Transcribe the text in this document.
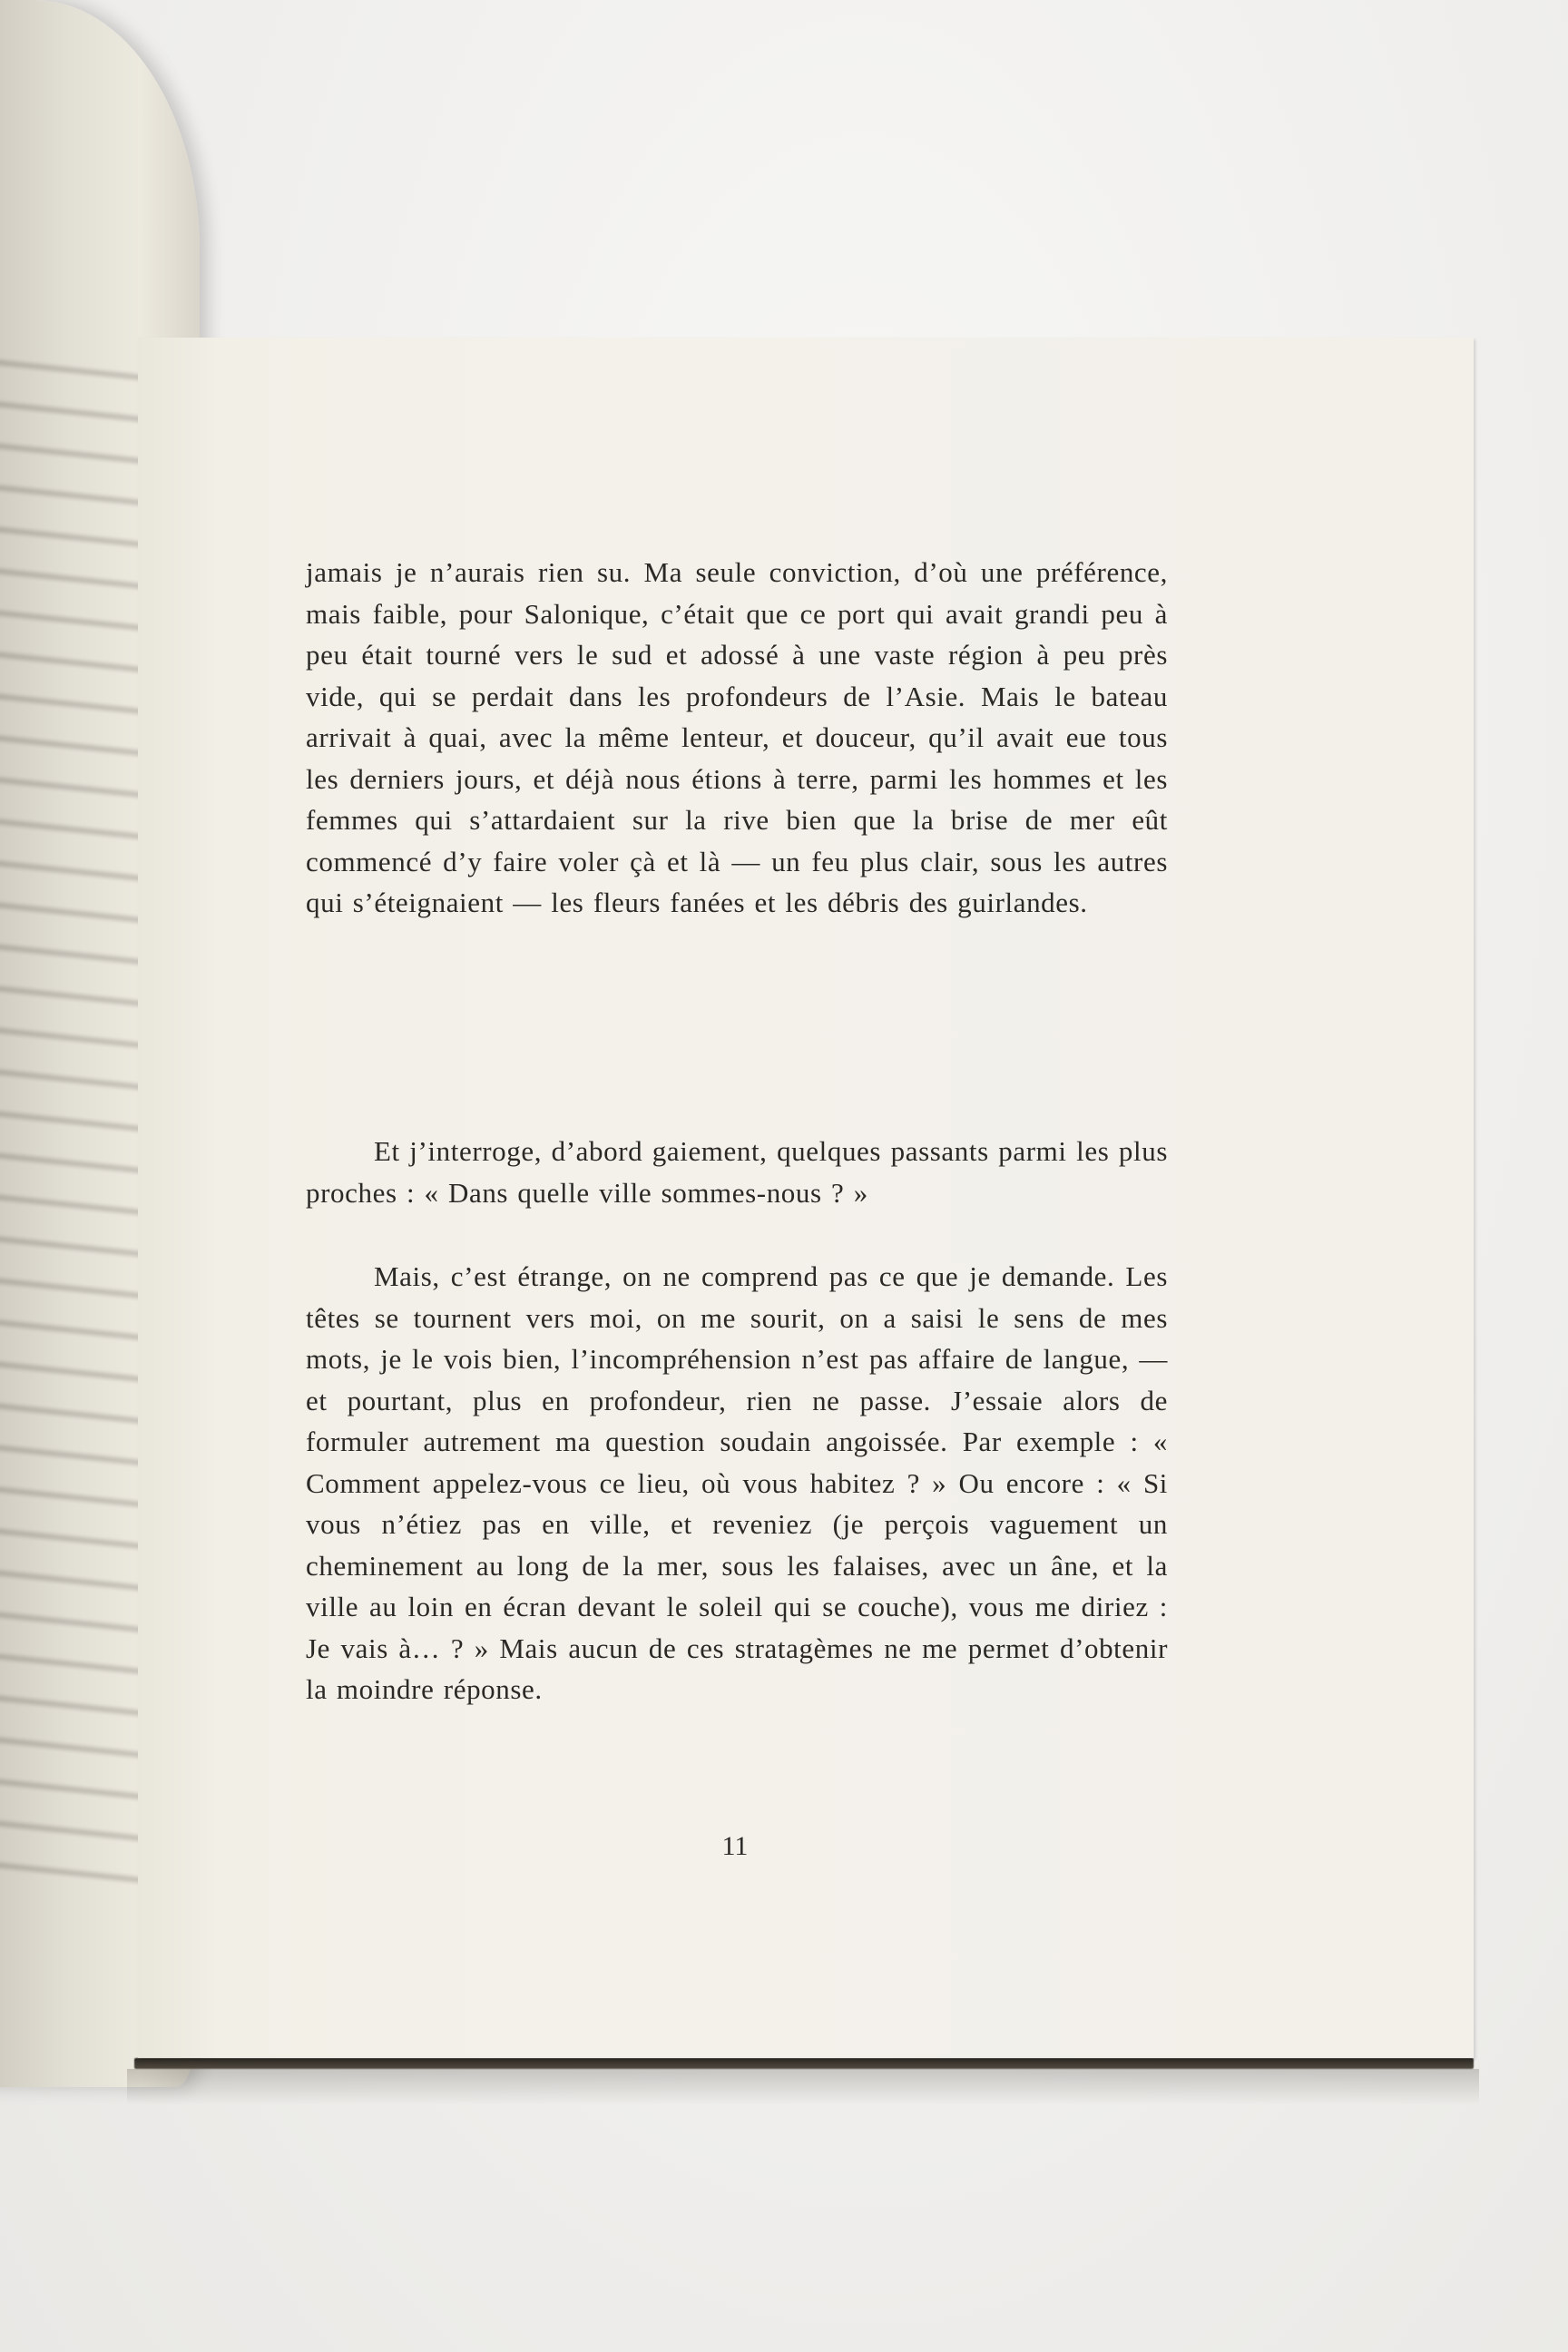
jamais je n’aurais rien su. Ma seule conviction, d’où une préférence, mais faible, pour Salonique, c’était que ce port qui avait grandi peu à peu était tourné vers le sud et adossé à une vaste région à peu près vide, qui se perdait dans les profondeurs de l’Asie. Mais le bateau arrivait à quai, avec la même lenteur, et douceur, qu’il avait eue tous les derniers jours, et déjà nous étions à terre, parmi les hommes et les femmes qui s’attardaient sur la rive bien que la brise de mer eût commencé d’y faire voler çà et là — un feu plus clair, sous les autres qui s’éteignaient — les fleurs fanées et les débris des guirlandes.

Et j’interroge, d’abord gaiement, quelques passants parmi les plus proches : « Dans quelle ville sommes-nous ? »

Mais, c’est étrange, on ne comprend pas ce que je demande. Les têtes se tournent vers moi, on me sourit, on a saisi le sens de mes mots, je le vois bien, l’incompréhension n’est pas affaire de langue, — et pourtant, plus en profondeur, rien ne passe. J’essaie alors de formuler autrement ma question soudain angoissée. Par exemple : « Comment appelez-vous ce lieu, où vous habitez ? » Ou encore : « Si vous n’étiez pas en ville, et reveniez (je perçois vaguement un cheminement au long de la mer, sous les falaises, avec un âne, et la ville au loin en écran devant le soleil qui se couche), vous me diriez : Je vais à… ? » Mais aucun de ces stratagèmes ne me permet d’obtenir la moindre réponse.

11
